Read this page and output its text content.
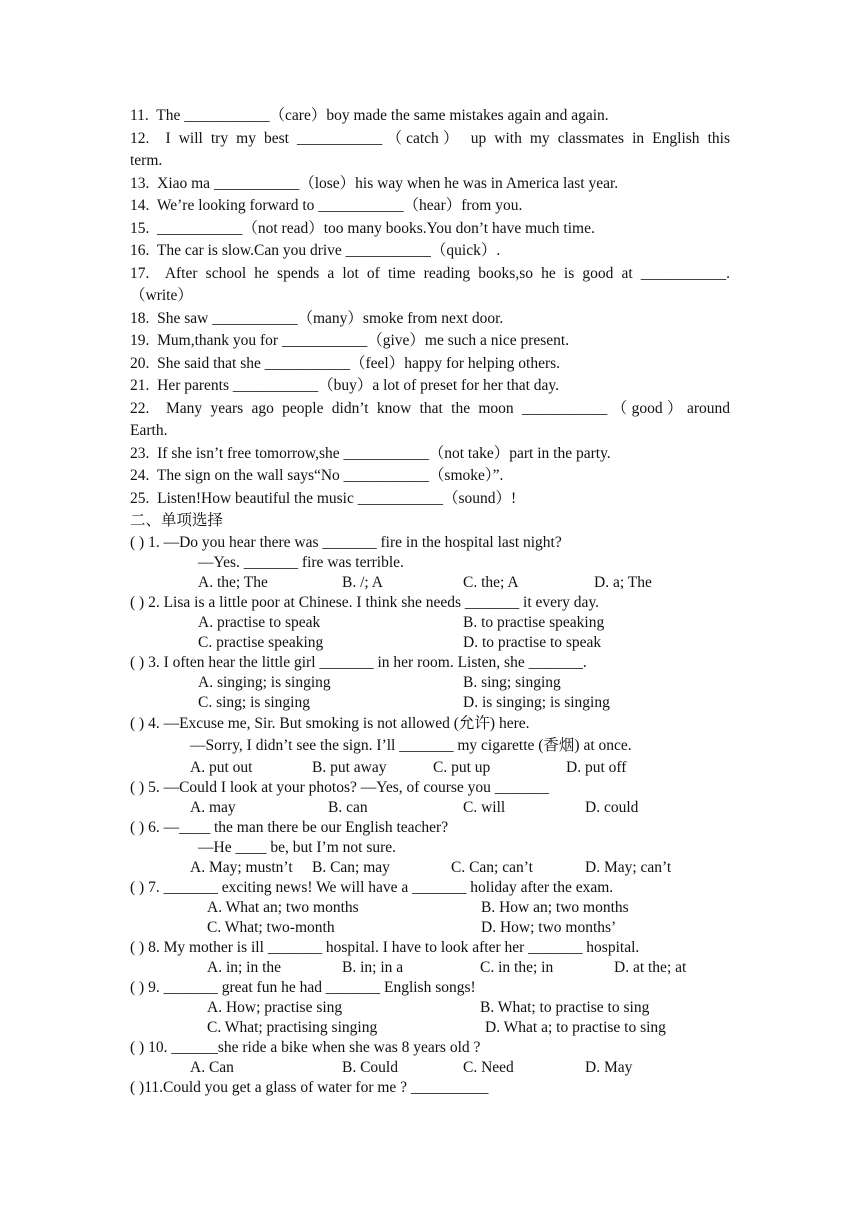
11. The ___________（care）boy made the same mistakes again and again.
12. I will try my best ___________（catch） up with my classmates in English this
term.
13. Xiao ma ___________（lose）his way when he was in America last year.
14. We’re looking forward to ___________（hear）from you.
15.  ___________（not read）too many books.You don’t have much time.
16. The car is slow.Can you drive ___________（quick）.
17. After school he spends a lot of time reading books,so he is good at ___________.
（write）
18. She saw ___________（many）smoke from next door.
19. Mum,thank you for ___________（give）me such a nice present.
20. She said that she ___________（feel）happy for helping others.
21. Her parents ___________（buy）a lot of preset for her that day.
22. Many years ago people didn’t know that the moon ___________（good）around
Earth.
23. If she isn’t free tomorrow,she ___________（not take）part in the party.
24. The sign on the wall says“No ___________（smoke）”.
25. Listen!How beautiful the music ___________（sound）!
二、单项选择
( ) 1. —Do you hear there was _______ fire in the hospital last night?
—Yes. _______ fire was terrible.
A. the; The	B. /; A	C. the; A	D. a; The
( ) 2. Lisa is a little poor at Chinese. I think she needs _______ it every day.
A. practise to speak	B. to practise speaking
C. practise speaking	D. to practise to speak
( ) 3. I often hear the little girl _______ in her room. Listen, she _______.
A. singing; is singing	B. sing; singing
C. sing; is singing	D. is singing; is singing
( ) 4. —Excuse me, Sir. But smoking is not allowed (允许) here.
—Sorry, I didn’t see the sign. I’ll _______ my cigarette (香烟) at once.
A. put out	B. put away	C. put up	D. put off
( ) 5. —Could I look at your photos? —Yes, of course you _______
A. may	B. can	C. will	D. could
( ) 6. —____ the man there be our English teacher?
—He ____ be, but I’m not sure.
A. May; mustn’t B. Can; may	C. Can; can’t	D. May; can’t
( ) 7. _______ exciting news! We will have a _______ holiday after the exam.
A. What an; two months	B. How an; two months
C. What; two-month	D. How; two months’
( ) 8. My mother is ill _______ hospital. I have to look after her _______ hospital.
A. in; in the	B. in; in a	C. in the; in	D. at the; at
( ) 9. _______ great fun he had _______ English songs!
A. How; practise sing	B. What; to practise to sing
C. What; practising singing	D. What a; to practise to sing
( ) 10. ______she ride a bike when she was 8 years old ?
A. Can	B. Could	C. Need	D. May
( )11.Could you get a glass of water for me ? __________
